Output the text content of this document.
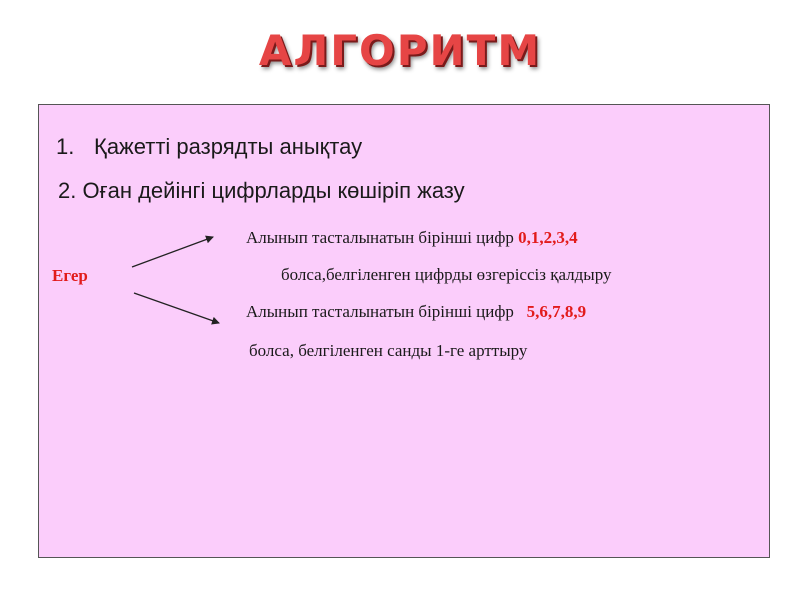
АЛГОРИТМ
1. Қажетті разрядты анықтау
2. Оған дейінгі цифрларды көшіріп жазу
Егер
Алынып тасталынатын бірінші цифр 0,1,2,3,4
болса,белгіленген цифрды өзгеріссіз қалдыру
Алынып тасталынатын бірінші цифр   5,6,7,8,9
болса, белгіленген санды 1-ге арттыру
